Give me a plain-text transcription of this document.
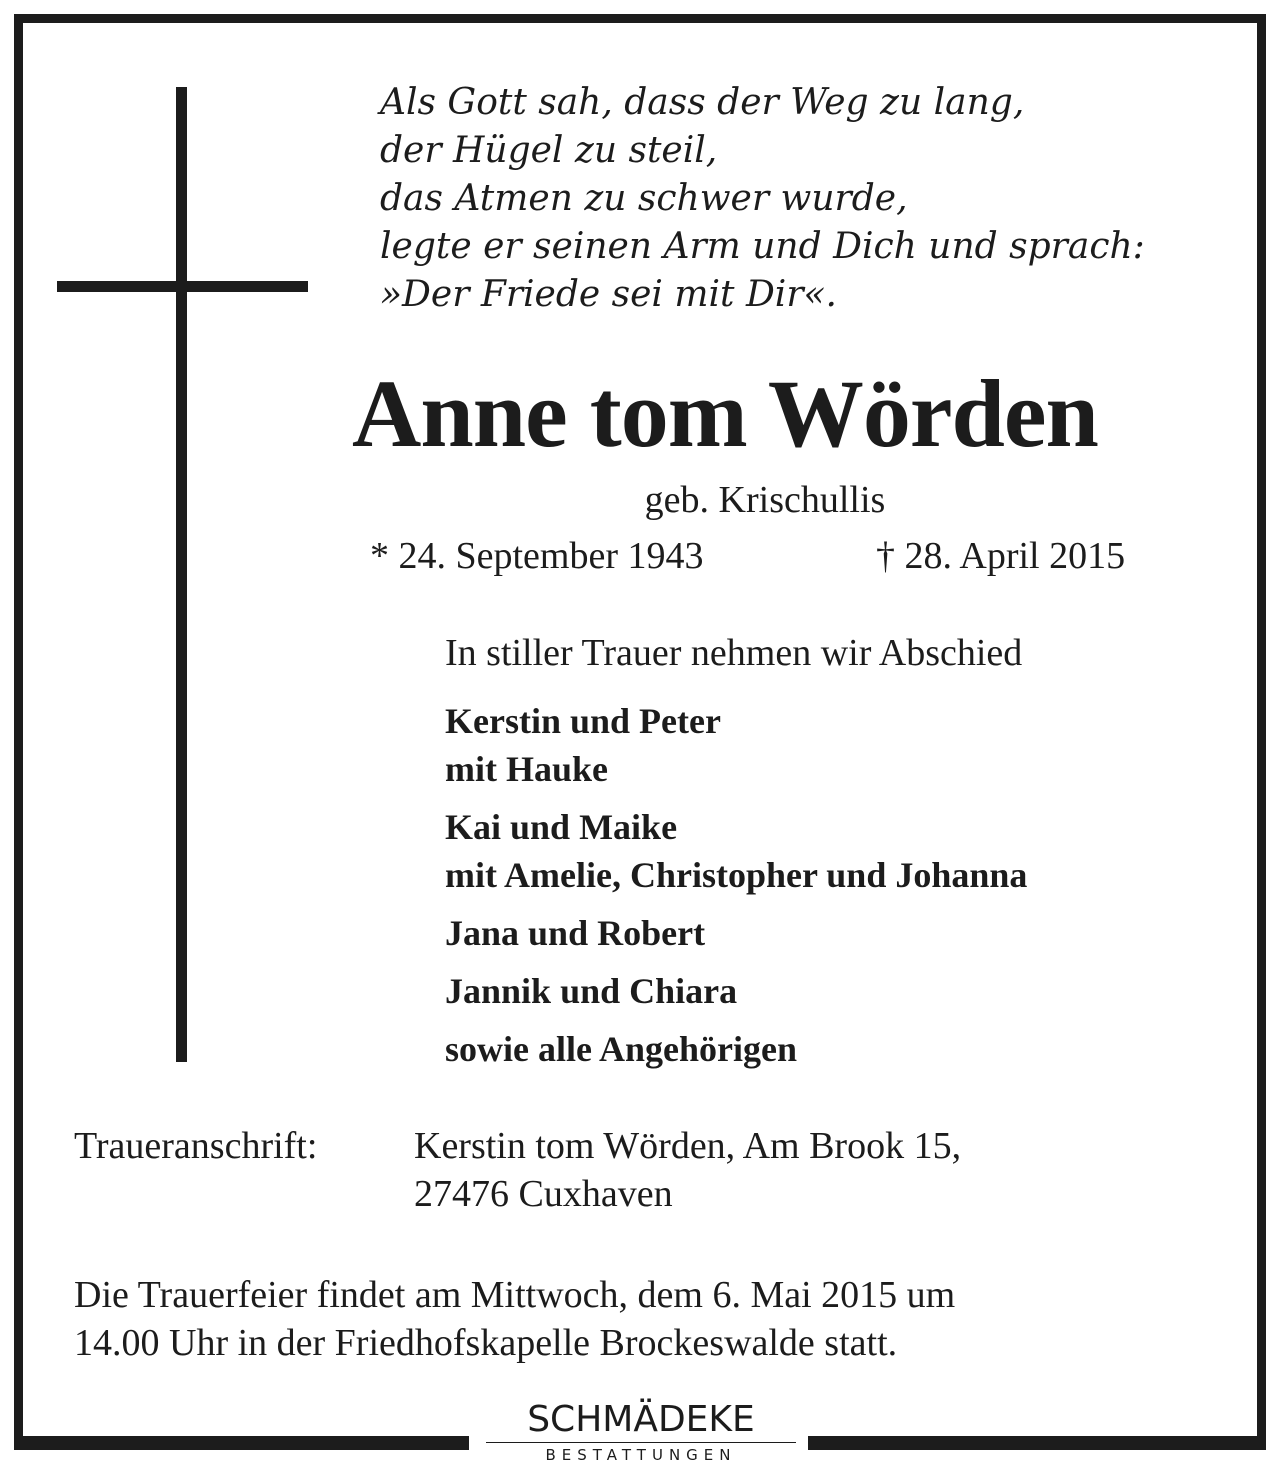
Als Gott sah, dass der Weg zu lang,
der Hügel zu steil,
das Atmen zu schwer wurde,
legte er seinen Arm und Dich und sprach:
»Der Friede sei mit Dir«.
Anne tom Wörden
geb. Krischullis
* 24. September 1943	† 28. April 2015
In stiller Trauer nehmen wir Abschied
Kerstin und Peter
mit Hauke
Kai und Maike
mit Amelie, Christopher und Johanna
Jana und Robert
Jannik und Chiara
sowie alle Angehörigen
Traueranschrift:	Kerstin tom Wörden, Am Brook 15,
27476 Cuxhaven
Die Trauerfeier findet am Mittwoch, dem 6. Mai 2015 um
14.00 Uhr in der Friedhofskapelle Brockeswalde statt.
SCHMÄDEKE
BESTATTUNGEN
